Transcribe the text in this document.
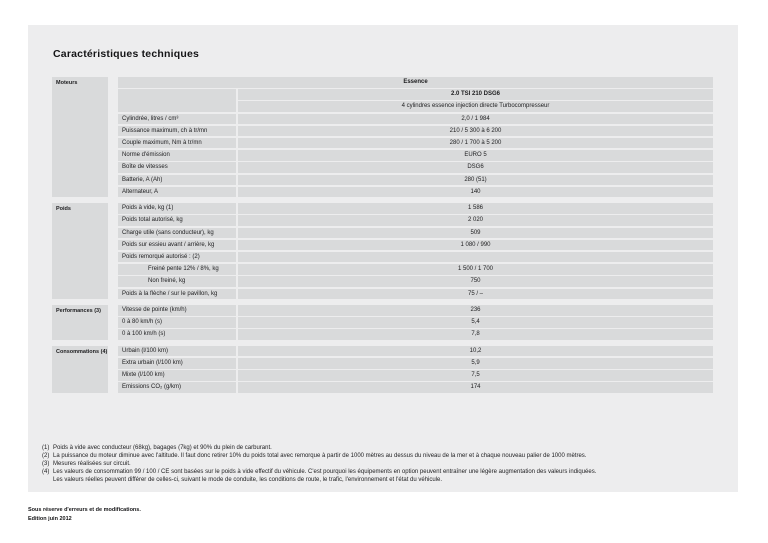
Caractéristiques techniques
Moteurs	Essence
2.0 TSI 210 DSG6
4 cylindres essence injection directe Turbocompresseur
Cylindrée, litres / cm³	2,0 / 1 984
Puissance maximum, ch à tr/mn	210 / 5 300 à 6 200
Couple maximum, Nm à tr/mn	280 / 1 700 à 5 200
Norme d'émission	EURO 5
Boîte de vitesses	DSG6
Batterie, A (Ah)	280 (51)
Alternateur, A	140
Poids	Poids à vide, kg (1)	1 586
Poids total autorisé, kg	2 020
Charge utile (sans conducteur), kg	509
Poids sur essieu avant / arrière, kg	1 080 / 990
Poids remorqué autorisé : (2)
Freiné pente 12% / 8%, kg	1 500 / 1 700
Non freiné, kg	750
Poids à la flèche / sur le pavillon, kg	75 / –
Performances (3)	Vitesse de pointe (km/h)	236
0 à 80 km/h (s)	5,4
0 à 100 km/h (s)	7,8
Consommations (4)	Urbain (l/100 km)	10,2
Extra urbain (l/100 km)	5,9
Mixte (l/100 km)	7,5
Emissions CO₂ (g/km)	174
(1) Poids à vide avec conducteur (68kg), bagages (7kg) et 90% du plein de carburant.
(2) La puissance du moteur diminue avec l'altitude. Il faut donc retirer 10% du poids total avec remorque à partir de 1000 mètres au dessus du niveau de la mer et à chaque nouveau palier de 1000 mètres.
(3) Mesures réalisées sur circuit.
(4) Les valeurs de consommation 99 / 100 / CE sont basées sur le poids à vide effectif du véhicule. C'est pourquoi les équipements en option peuvent entraîner une légère augmentation des valeurs indiquées.
Les valeurs réelles peuvent différer de celles-ci, suivant le mode de conduite, les conditions de route, le trafic, l'environnement et l'état du véhicule.
Sous réserve d'erreurs et de modifications.
Edition juin 2012
